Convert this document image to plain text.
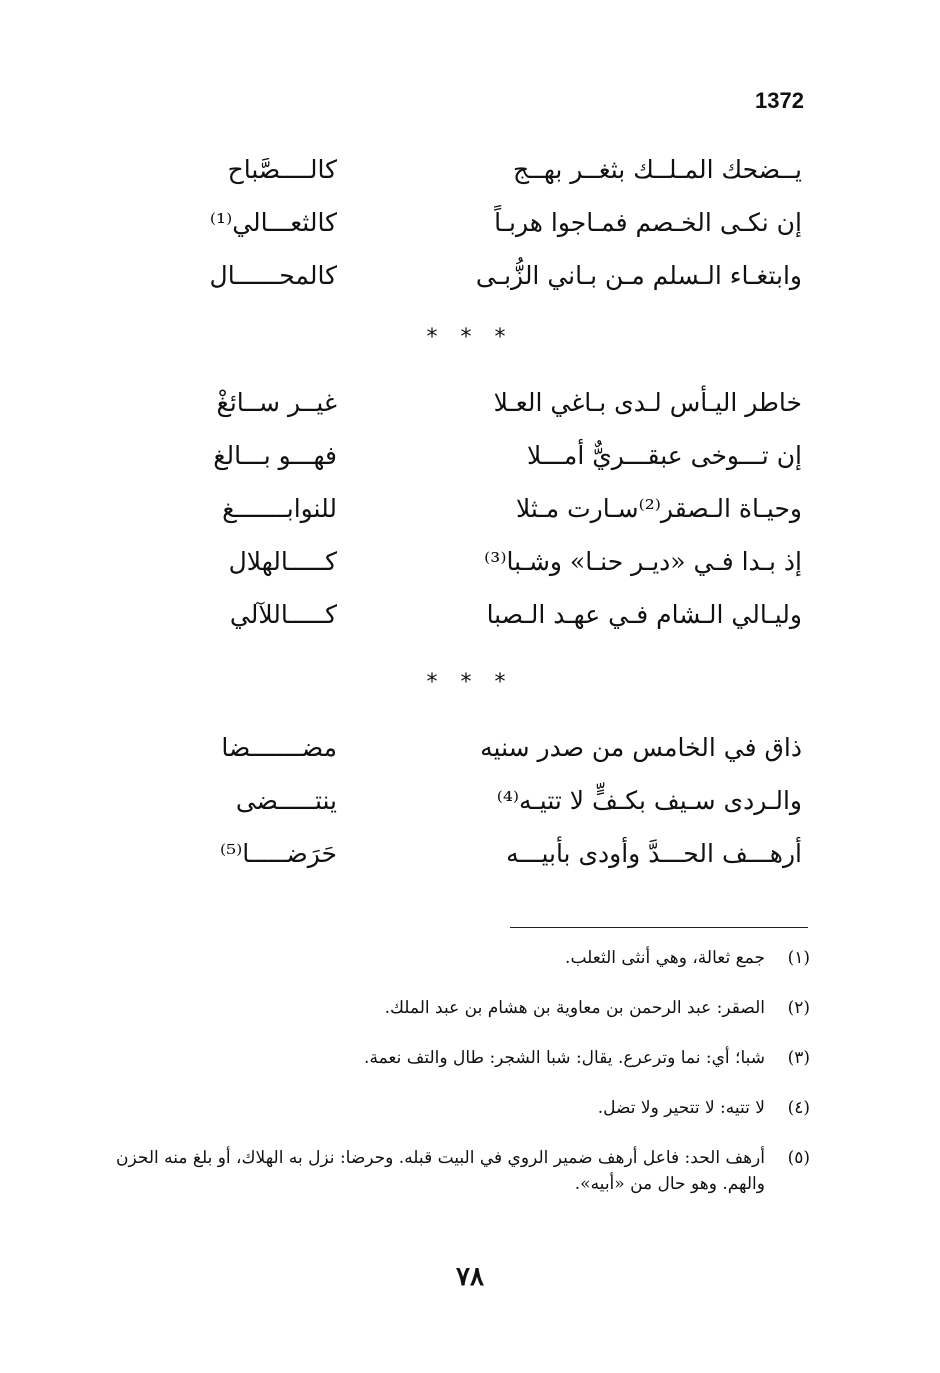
1372
يــضحك المـلــك بثغــر بهــج
كالــــصَّباح
إن نكـى الخـصم فمـاجوا هربـاً
كالثعـــالي⁽¹⁾
وابتغـاء الـسلم مـن بـاني الزُّبـى
كالمحــــــال
* * *
خاطر اليـأس لـدى بـاغي العـلا
غيــر ســائغْ
إن تـــوخى عبقـــريٌّ أمـــلا
فهـــو بـــالغ
وحيـاة الـصقر⁽²⁾سـارت مـثلا
للنوابـــــــغ
إذ بـدا فـي «ديـر حنـا» وشـبا⁽³⁾
كـــــالهلال
وليـالي الـشام فـي عهـد الـصبا
كـــــاللآلي
* * *
ذاق في الخامس من صدر سنيه
مضـــــــضا
والـردى سـيف بكـفٍّ لا تتيـه⁽⁴⁾
ينتـــــضى
أرهـــف الحـــدَّ وأودى بأبيـــه
حَرَضـــــا⁽⁵⁾
(١)
جمع ثعالة، وهي أنثى الثعلب.
(٢)
الصقر: عبد الرحمن بن معاوية بن هشام بن عبد الملك.
(٣)
شبا؛ أي: نما وترعرع. يقال: شبا الشجر: طال والتف نعمة.
(٤)
لا تتيه: لا تتحير ولا تضل.
(٥)
أرهف الحد: فاعل أرهف ضمير الروي في البيت قبله. وحرضا: نزل به الهلاك، أو بلغ منه الحزن والهم. وهو حال من «أبيه».
٧٨
